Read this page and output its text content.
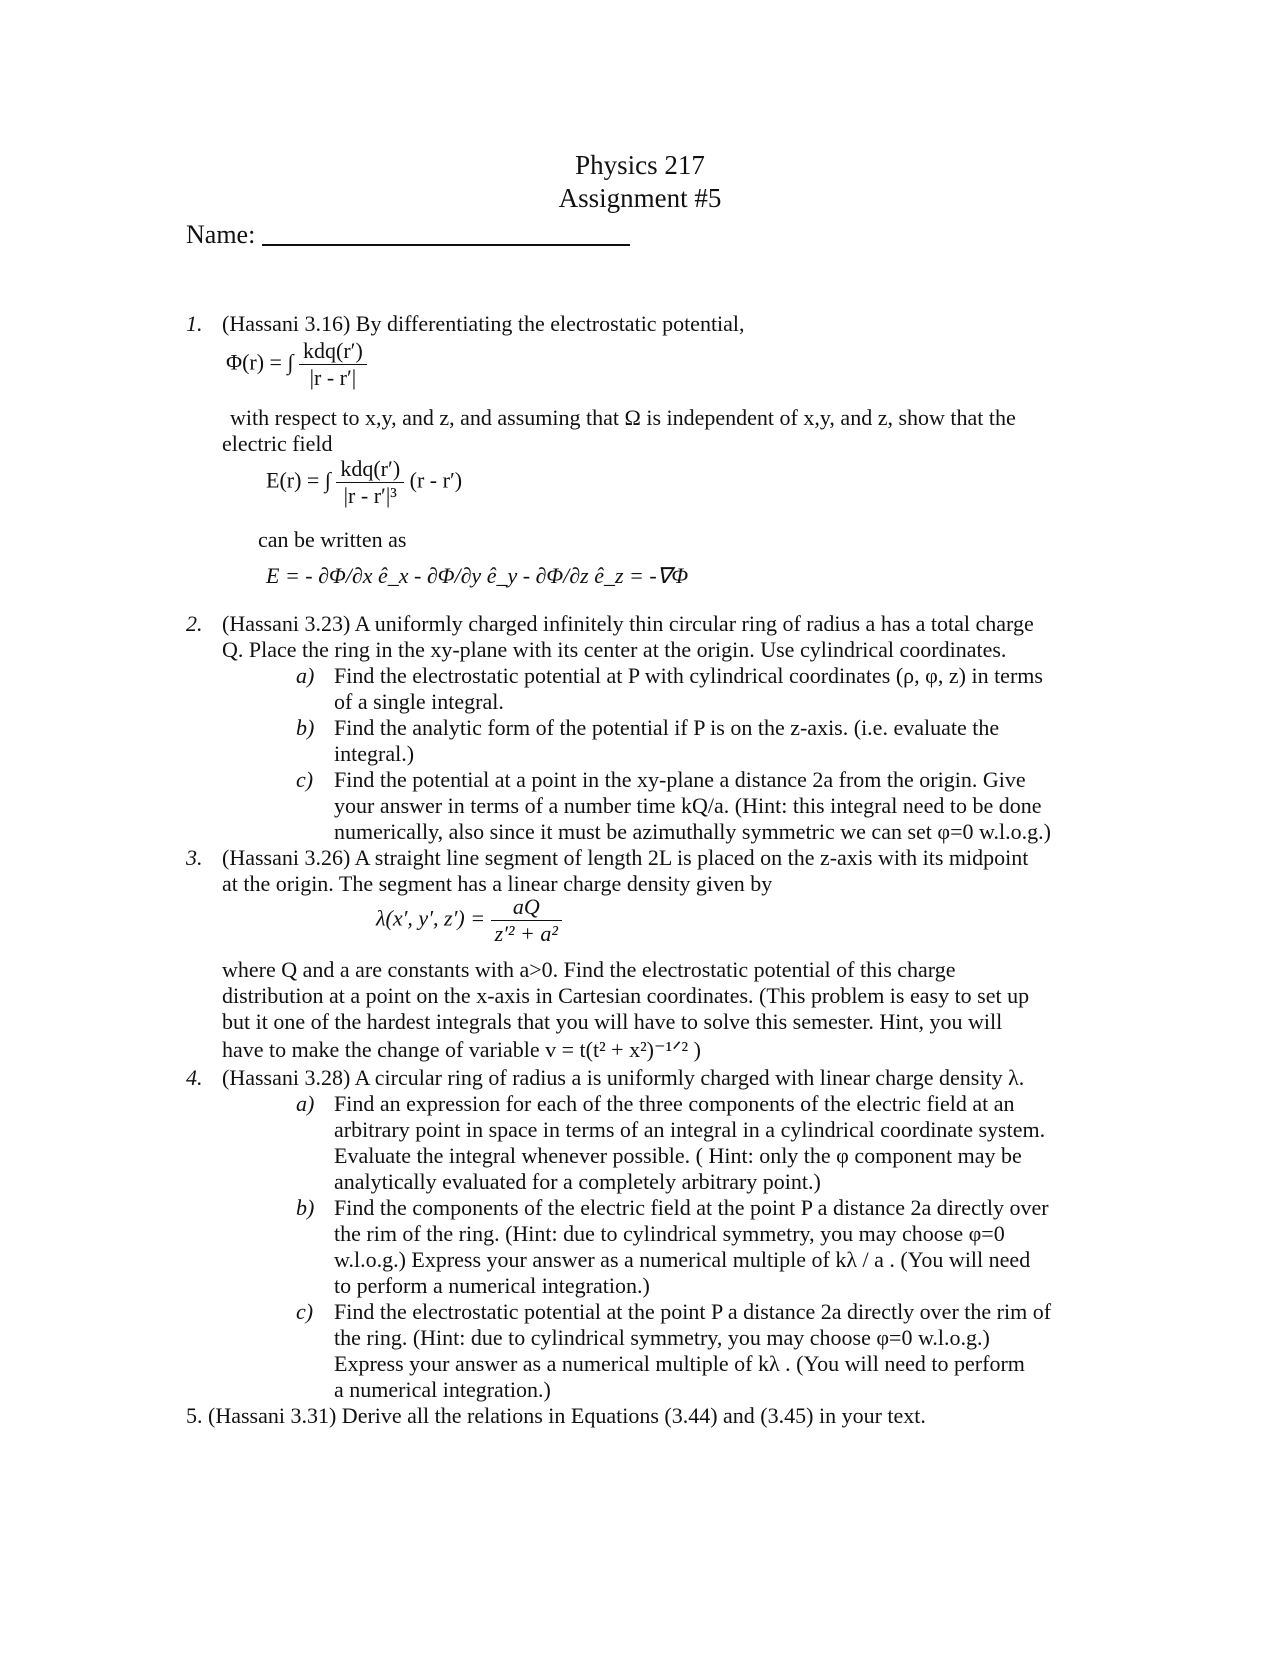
Physics 217
Assignment #5
Name:
1. (Hassani 3.16) By differentiating the electrostatic potential,
Φ(r) = ∫ $\frac{\text{kdq(r′)}}{|r - r'|}$
with respect to x,y, and z, and assuming that Ω is independent of x,y, and z, show that the
electric field
E(r) = ∫ $\frac{\text{kdq(r′)}}{\text{|r - r′|³}} (r - r')$
can be written as
E = - ∂Φ/∂x ê_x - ∂Φ/∂y ê_y - ∂Φ/∂z ê_z = -∇Φ
2. (Hassani 3.23) A uniformly charged infinitely thin circular ring of radius a has a total charge
Q. Place the ring in the xy-plane with its center at the origin. Use cylindrical coordinates.
a) Find the electrostatic potential at P with cylindrical coordinates (ρ, φ, z) in terms
of a single integral.
b) Find the analytic form of the potential if P is on the z-axis. (i.e. evaluate the
integral.)
c) Find the potential at a point in the xy-plane a distance 2a from the origin. Give
your answer in terms of a number time kQ/a. (Hint: this integral need to be done
numerically, also since it must be azimuthally symmetric we can set φ=0 w.l.o.g.)
3. (Hassani 3.26) A straight line segment of length 2L is placed on the z-axis with its midpoint
at the origin. The segment has a linear charge density given by
λ(x′, y′, $z') = \frac{aQ}{\text{z′² + a²}}$
where Q and a are constants with a>0. Find the electrostatic potential of this charge
distribution at a point on the x-axis in Cartesian coordinates. (This problem is easy to set up
but it one of the hardest integrals that you will have to solve this semester. Hint, you will
have to make the change of variable v = t(t² + x²)⁻¹ᐟ² )
4. (Hassani 3.28) A circular ring of radius a is uniformly charged with linear charge density λ.
a) Find an expression for each of the three components of the electric field at an
arbitrary point in space in terms of an integral in a cylindrical coordinate system.
Evaluate the integral whenever possible. ( Hint: only the φ component may be
analytically evaluated for a completely arbitrary point.)
b) Find the components of the electric field at the point P a distance 2a directly over
the rim of the ring. (Hint: due to cylindrical symmetry, you may choose φ=0
w.l.o.g.) Express your answer as a numerical multiple of kλ / a . (You will need
to perform a numerical integration.)
c) Find the electrostatic potential at the point P a distance 2a directly over the rim of
the ring. (Hint: due to cylindrical symmetry, you may choose φ=0 w.l.o.g.)
Express your answer as a numerical multiple of kλ . (You will need to perform
a numerical integration.)
5. (Hassani 3.31) Derive all the relations in Equations (3.44) and (3.45) in your text.
